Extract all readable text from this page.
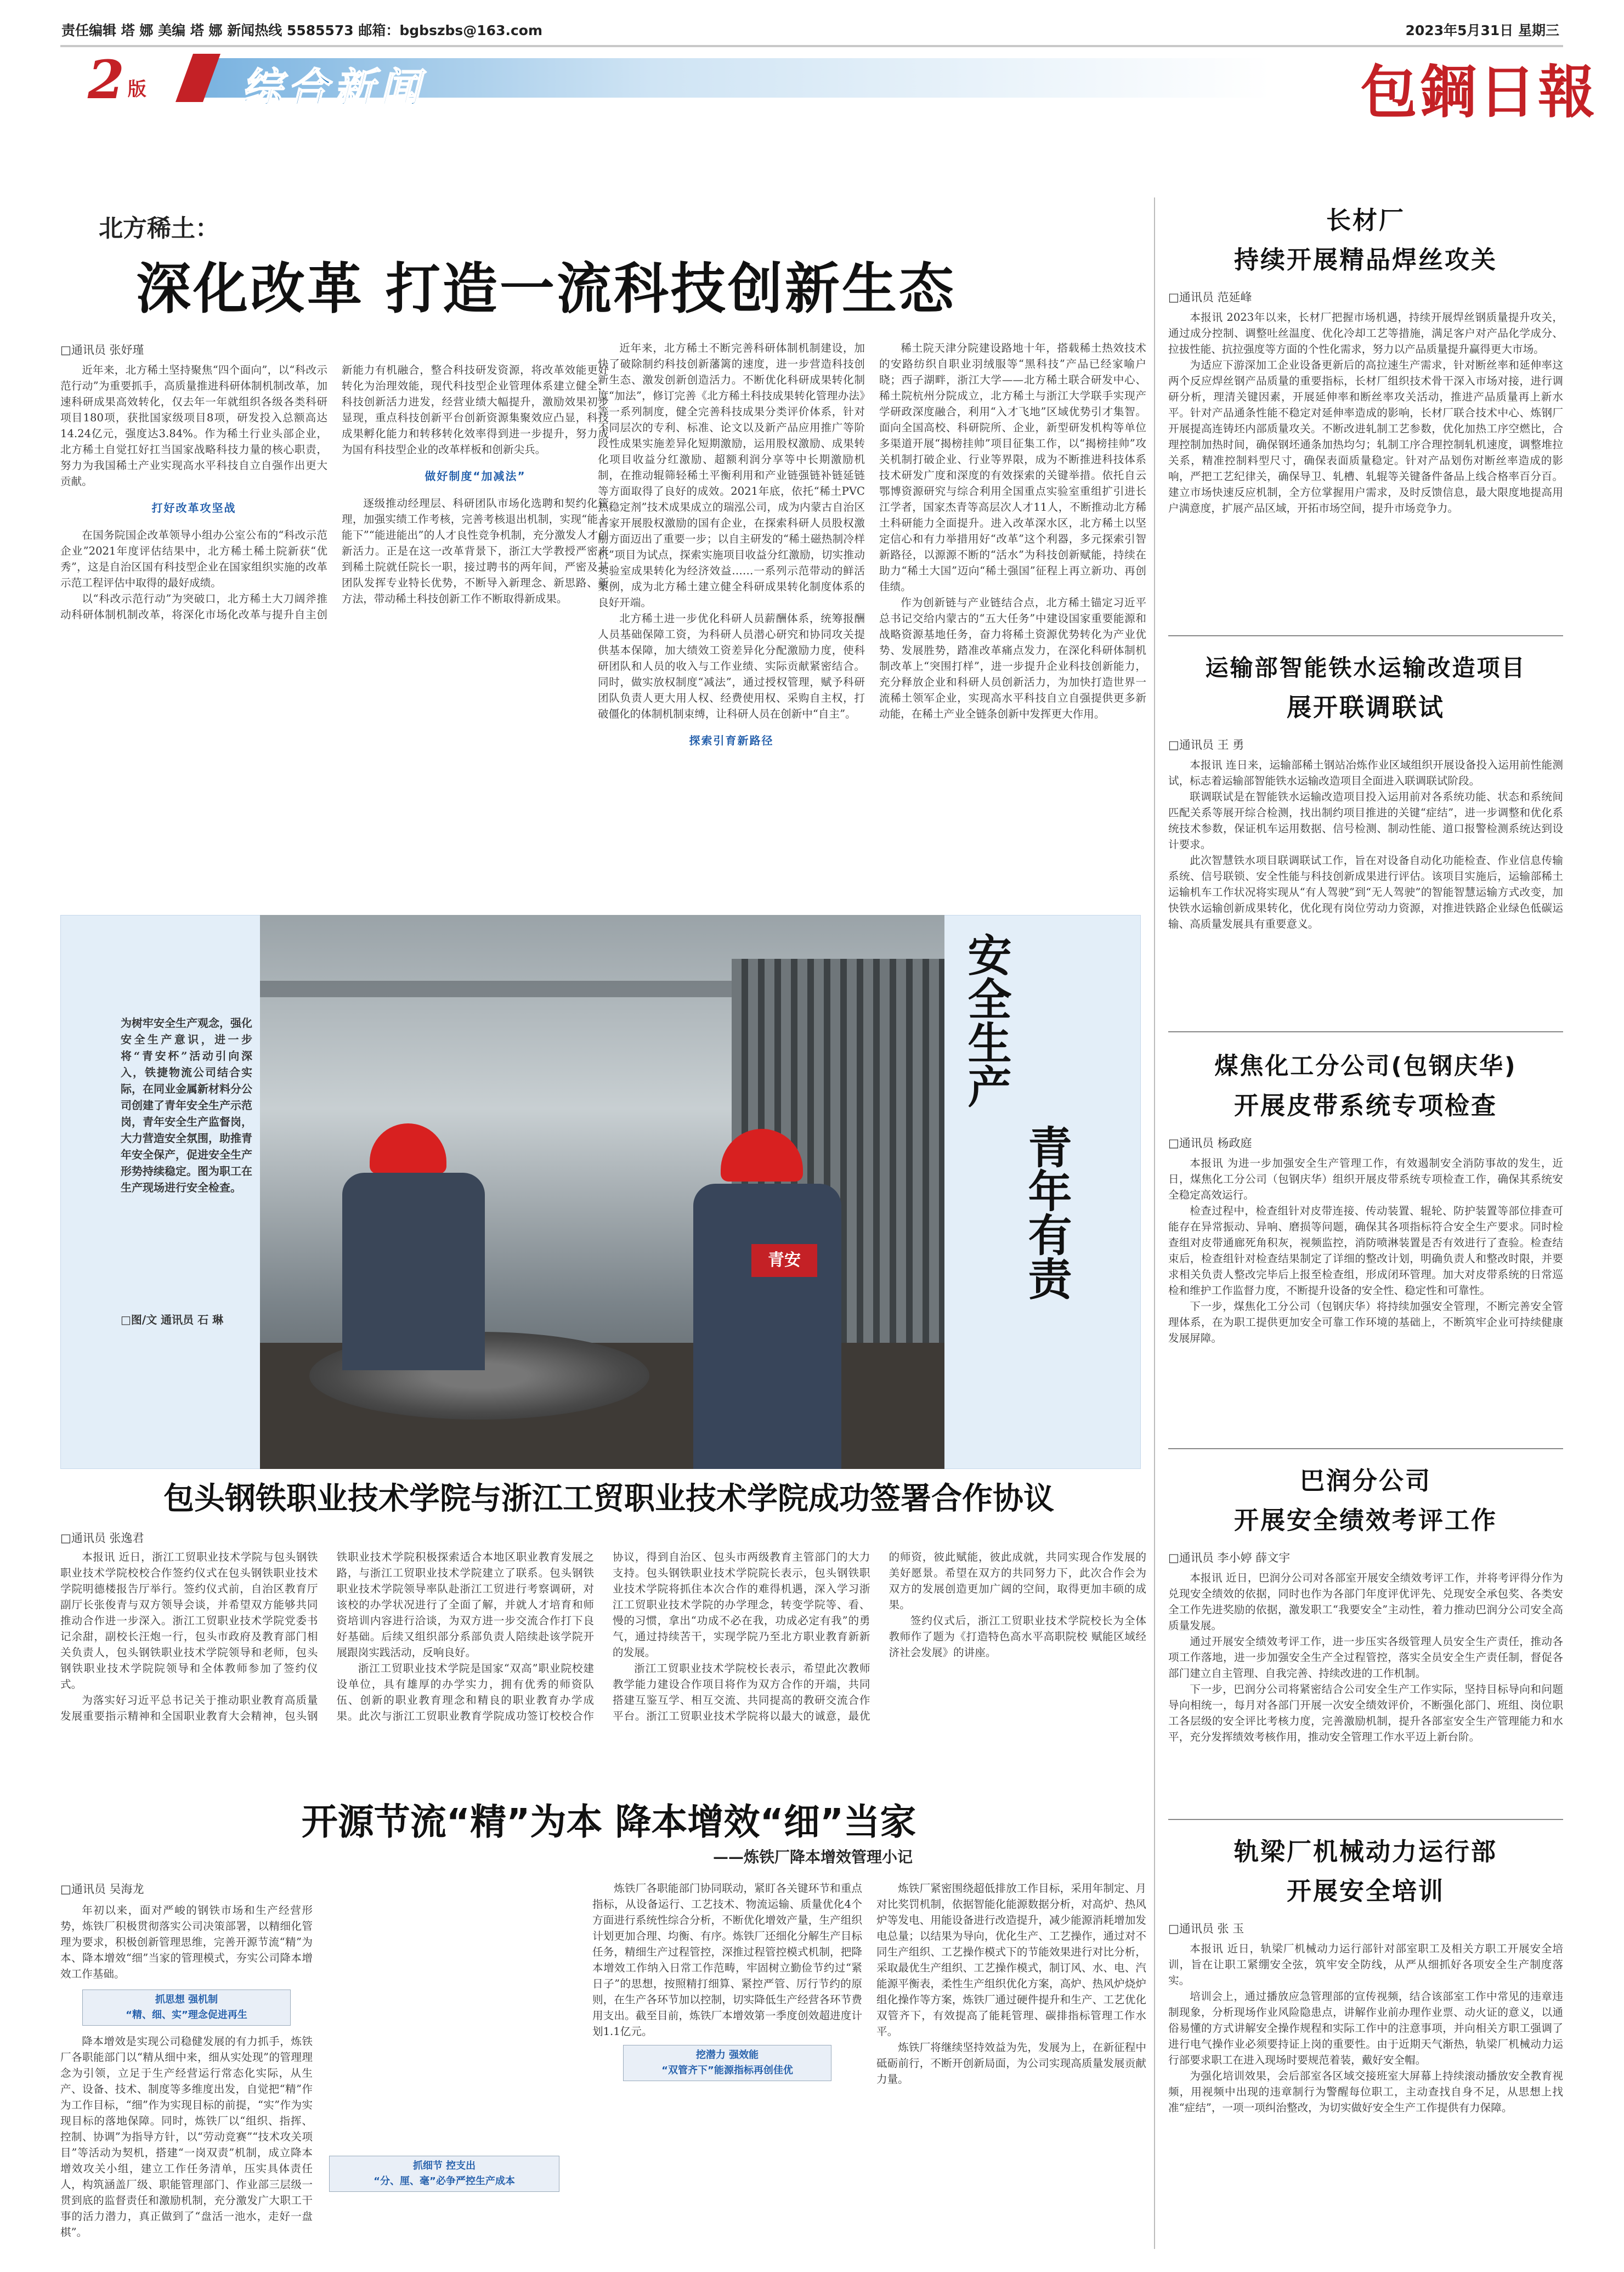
责任编辑 塔 娜 美编 塔 娜 新闻热线 5585573 邮箱：bgbszbs@163.com	2023年5月31日 星期三
2 版 综合新闻	包鋼日報
北方稀土：
深化改革 打造一流科技创新生态
□通讯员 张妤瑾

近年来，北方稀土坚持聚焦“四个面向”，以“科改示范行动”为重要抓手，高质量推进科研体制机制改革，加速科研成果高效转化，仅去年一年就组织各级各类科研项目180项，获批国家级项目8项，研发投入总额高达14.24亿元，强度达3.84%。作为稀土行业头部企业，北方稀土自觉扛好扛当国家战略科技力量的核心职责，努力为我国稀土产业实现高水平科技自立自强作出更大贡献。

打好改革攻坚战

在国务院国企改革领导小组办公室公布的“科改示范企业”2021年度评估结果中，北方稀土稀土院新获“优秀”，这是自治区国有科技型企业在国家组织实施的改革示范工程评估中取得的最好成绩。

以“科改示范行动”为突破口，北方稀土大刀阔斧推动科研体制机制改革，将深化市场化改革与提升自主创新能力有机融合，整合科技研发资源，将改革效能更好转化为治理效能，现代科技型企业管理体系建立健全，科技创新活力进发，经营业绩大幅提升，激励效果初步显现，重点科技创新平台创新资源集聚效应凸显，科技成果孵化能力和转移转化效率得到进一步提升，努力成为国有科技型企业的改革样板和创新尖兵。

做好制度“加减法”

逐级推动经理层、科研团队市场化选聘和契约化管理，加强实绩工作考核，完善考核退出机制，实现“能上能下”“能进能出”的人才良性竞争机制，充分激发人才创新活力。正是在这一改革背景下，浙江大学教授严密来到稀土院就任院长一职，接过聘书的两年间，严密及其团队发挥专业特长优势，不断导入新理念、新思路、新方法，带动稀土科技创新工作不断取得新成果。

近年来，北方稀土不断完善科研体制机制建设，加快了破除制约科技创新藩篱的速度，进一步营造科技创新生态、激发创新创造活力。不断优化科研成果转化制度“加法”，修订完善《北方稀土科技成果转化管理办法》等一系列制度，健全完善科技成果分类评价体系，针对不同层次的专利、标准、论文以及新产品应用推广等阶段性成果实施差异化短期激励，运用股权激励、成果转化项目收益分红激励、超额利润分享等中长期激励机制，在推动辊筛轻稀土平衡利用和产业链强链补链延链等方面取得了良好的成效。2021年底，依托“稀土PVC热稳定剂”技术成果成立的瑞泓公司，成为内蒙古自治区首家开展股权激励的国有企业，在探索科研人员股权激励方面迈出了重要一步；以自主研发的“稀土磁热制冷样机”项目为试点，探索实施项目收益分红激励，切实推动实验室成果转化为经济效益……一系列示范带动的鲜活案例，成为北方稀土建立健全科研成果转化制度体系的良好开端。

北方稀土进一步优化科研人员薪酬体系，统筹报酬人员基础保障工资，为科研人员潜心研究和协同攻关提供基本保障，加大绩效工资差异化分配激励力度，使科研团队和人员的收入与工作业绩、实际贡献紧密结合。同时，做实放权制度“减法”，通过授权管理，赋予科研团队负责人更大用人权、经费使用权、采购自主权，打破僵化的体制机制束缚，让科研人员在创新中“自主”。

探索引育新路径

稀土院天津分院建设路地十年，搭载稀土热效技术的安路纺织自职业羽绒服等“黑科技”产品已经家喻户晓；西子湖畔，浙江大学——北方稀土联合研发中心、稀土院杭州分院成立，北方稀土与浙江大学联手实现产学研政深度融合，利用“入才飞地”区域优势引才集智。面向全国高校、科研院所、企业，新型研发机构等单位多渠道开展“揭榜挂帅”项目征集工作，以“揭榜挂帅”攻关机制打破企业、行业等界限，成为不断推进科技体系技术研发广度和深度的有效探索的关键举措。依托自云鄂博资源研究与综合利用全国重点实验室重组扩引进长江学者，国家杰青等高层次人才11人，不断推动北方稀土科研能力全面提升。进入改革深水区，北方稀土以坚定信心和有力举措用好“改革”这个利器，多元探索引智新路径，以源源不断的“活水”为科技创新赋能，持续在助力“稀土大国”迈向“稀土强国”征程上再立新功、再创佳绩。

作为创新链与产业链结合点，北方稀土锚定习近平总书记交给内蒙古的“五大任务”中建设国家重要能源和战略资源基地任务，奋力将稀土资源优势转化为产业优势、发展胜势，踏准改革痛点发力，在深化科研体制机制改革上“突围打样”，进一步提升企业科技创新能力，充分释放企业和科研人员创新活力，为加快打造世界一流稀土领军企业，实现高水平科技自立自强提供更多新动能，在稀土产业全链条创新中发挥更大作用。

为树牢安全生产观念，强化安全生产意识，进一步将“青安杯”活动引向深入，铁捷物流公司结合实际，在同业金属新材料分公司创建了青年安全生产示范岗，青年安全生产监督岗，大力营造安全氛围，助推青年安全保产，促进安全生产形势持续稳定。图为职工在生产现场进行安全检查。
□图/文 通讯员 石 琳
青安
安全生产
青年有责
包头钢铁职业技术学院与浙江工贸职业技术学院成功签署合作协议
□通讯员 张逸君

本报讯 近日，浙江工贸职业技术学院与包头钢铁职业技术学院校校合作签约仪式在包头钢铁职业技术学院明德楼报告厅举行。签约仪式前，自治区教育厅副厅长张俊青与双方领导会谈，并希望双方能够共同推动合作进一步深入。浙江工贸职业技术学院党委书记余甜，副校长汪炮一行，包头市政府及教育部门相关负责人，包头钢铁职业技术学院领导和老师，包头钢铁职业技术学院院领导和全体教师参加了签约仪式。

为落实好习近平总书记关于推动职业教育高质量发展重要指示精神和全国职业教育大会精神，包头钢铁职业技术学院积极探索适合本地区职业教育发展之路，与浙江工贸职业技术学院建立了联系。包头钢铁职业技术学院领导率队赴浙江工贸进行考察调研，对该校的办学状况进行了全面了解，并就人才培育和师资培训内容进行洽谈，为双方进一步交流合作打下良好基础。后续又组织部分系部负责人陪续赴该学院开展跟岗实践活动，反响良好。

浙江工贸职业技术学院是国家“双高”职业院校建设单位，具有雄厚的办学实力，拥有优秀的师资队伍、创新的职业教育理念和精良的职业教育办学成果。此次与浙江工贸职业教育学院成功签订校校合作协议，得到自治区、包头市两级教育主管部门的大力支持。包头钢铁职业技术学院院长表示，包头钢铁职业技术学院将抓住本次合作的难得机遇，深入学习浙江工贸职业技术学院的办学理念，转变学院等、看、慢的习惯，拿出“功成不必在我，功成必定有我”的勇气，通过持续苦干，实现学院乃至北方职业教育新新的发展。

浙江工贸职业技术学院校长表示，希望此次教师教学能力建设合作项目将作为双方合作的开端，共同搭建互鉴互学、相互交流、共同提高的教研交流合作平台。浙江工贸职业技术学院将以最大的诚意，最优的师资，彼此赋能，彼此成就，共同实现合作发展的美好愿景。希望在双方的共同努力下，此次合作会为双方的发展创造更加广阔的空间，取得更加丰硕的成果。

签约仪式后，浙江工贸职业技术学院校长为全体教师作了题为《打造特色高水平高职院校 赋能区域经济社会发展》的讲座。

开源节流“精”为本 降本增效“细”当家
——炼铁厂降本增效管理小记
□通讯员 吴海龙

年初以来，面对严峻的钢铁市场和生产经营形势，炼铁厂积极贯彻落实公司决策部署，以精细化管理为要求，积极创新管理思维，完善开源节流“精”为本、降本增效“细”当家的管理模式，夯实公司降本增效工作基础。

抓思想 强机制
“精、细、实”理念促进再生

降本增效是实现公司稳健发展的有力抓手，炼铁厂各职能部门以“精从细中来，细从实处现”的管理理念为引领，立足于生产经营运行常态化实际，从生产、设备、技术、制度等多维度出发，自觉把“精”作为工作目标，“细”作为实现目标的前提，“实”作为实现目标的落地保障。同时，炼铁厂以“组织、指挥、控制、协调”为指导方针，以“劳动竞赛”“技术攻关项目”等活动为契机，搭建“一岗双责”机制，成立降本增效攻关小组，建立工作任务清单，压实具体责任人，构筑涵盖厂级、职能管理部门、作业部三层级一贯到底的监督责任和激励机制，充分激发广大职工干事的活力潜力，真正做到了“盘活一池水，走好一盘棋”。

炼铁厂各职能部门协同联动，紧盯各关键环节和重点指标，从设备运行、工艺技术、物流运输、质量优化4个方面进行系统性综合分析，不断优化增效产量，生产组织计划更加合理、均衡、有序。炼铁厂还细化分解生产目标任务，精细生产过程管控，深推过程管控模式机制，把降本增效工作纳入日常工作范畴，牢固树立勤俭节约过“紧日子”的思想，按照精打细算、紧控严管、厉行节约的原则，在生产各环节加以控制，切实降低生产经营各环节费用支出。截至目前，炼铁厂本增效第一季度创效超进度计划1.1亿元。

挖潜力 强效能
“双管齐下”能源指标再创佳优

炼铁厂紧密围绕超低排放工作目标，采用年制定、月对比奖罚机制，依据智能化能源数据分析，对高炉、热风炉等发电、用能设备进行改造提升，减少能源消耗增加发电总量；以结果为导向，优化生产、工艺操作，通过对不同生产组织、工艺操作模式下的节能效果进行对比分析，采取最优生产组织、工艺操作模式，制订风、水、电、汽能源平衡表，柔性生产组织优化方案，高炉、热风炉烧炉组化操作等方案，炼铁厂通过硬件提升和生产、工艺优化双管齐下，有效提高了能耗管理、碳排指标管理工作水平。

炼铁厂将继续坚持效益为先，发展为上，在新征程中砥砺前行，不断开创新局面，为公司实现高质量发展贡献力量。

抓细节 控支出
“分、厘、毫”必争严控生产成本
长材厂
持续开展精品焊丝攻关
□通讯员 范延峰

本报讯 2023年以来，长材厂把握市场机遇，持续开展焊丝钢质量提升攻关，通过成分控制、调整吐丝温度、优化冷却工艺等措施，满足客户对产品化学成分、拉拔性能、抗拉强度等方面的个性化需求，努力以产品质量提升赢得更大市场。

为适应下游深加工企业设备更新后的高拉速生产需求，针对断丝率和延伸率这两个反应焊丝钢产品质量的重要指标，长材厂组织技术骨干深入市场对接，进行调研分析，理清关键因素，开展延伸率和断丝率攻关活动，推进产品质量再上新水平。针对产品通条性能不稳定对延伸率造成的影响，长材厂联合技术中心、炼钢厂开展提高连铸坯内部质量攻关。不断改进轧制工艺参数，优化加热工序空燃比，合理控制加热时间，确保钢坯通条加热均匀；轧制工序合理控制轧机速度，调整堆拉关系，精准控制料型尺寸，确保表面质量稳定。针对产品划伤对断丝率造成的影响，严把工艺纪律关，确保导卫、轧槽、轧辊等关键备件备品上线合格率百分百。建立市场快速反应机制，全方位掌握用户需求，及时反馈信息，最大限度地提高用户满意度，扩展产品区域，开拓市场空间，提升市场竞争力。

运输部智能铁水运输改造项目
展开联调联试
□通讯员 王 勇

本报讯 连日来，运输部稀土钢站冶炼作业区域组织开展设备投入运用前性能测试，标志着运输部智能铁水运输改造项目全面进入联调联试阶段。

联调联试是在智能铁水运输改造项目投入运用前对各系统功能、状态和系统间匹配关系等展开综合检测，找出制约项目推进的关键“症结”，进一步调整和优化系统技术参数，保证机车运用数据、信号检测、制动性能、道口报警检测系统达到设计要求。

此次智慧铁水项目联调联试工作，旨在对设备自动化功能检查、作业信息传输系统、信号联锁、安全性能与科技创新成果进行评估。该项目实施后，运输部稀土运输机车工作状况将实现从“有人驾驶”到“无人驾驶”的智能智慧运输方式改变，加快铁水运输创新成果转化，优化现有岗位劳动力资源，对推进铁路企业绿色低碳运输、高质量发展具有重要意义。

煤焦化工分公司(包钢庆华)
开展皮带系统专项检查
□通讯员 杨政庭

本报讯 为进一步加强安全生产管理工作，有效遏制安全消防事故的发生，近日，煤焦化工分公司（包钢庆华）组织开展皮带系统专项检查工作，确保其系统安全稳定高效运行。

检查过程中，检查组针对皮带连接、传动装置、辊轮、防护装置等部位排查可能存在异常振动、异响、磨损等问题，确保其各项指标符合安全生产要求。同时检查组对皮带通廊死角积灰，视频监控，消防喷淋装置是否有效进行了查验。检查结束后，检查组针对检查结果制定了详细的整改计划，明确负责人和整改时限，并要求相关负责人整改完毕后上报至检查组，形成闭环管理。加大对皮带系统的日常巡检和维护工作监督力度，不断提升设备的安全性、稳定性和可靠性。

下一步，煤焦化工分公司（包钢庆华）将持续加强安全管理，不断完善安全管理体系，在为职工提供更加安全可靠工作环境的基础上，不断筑牢企业可持续健康发展屏障。

巴润分公司
开展安全绩效考评工作
□通讯员 李小婷 薛文宇

本报讯 近日，巴润分公司对各部室开展安全绩效考评工作，并将考评得分作为兑现安全绩效的依据，同时也作为各部门年度评优评先、兑现安全承包奖、各类安全工作先进奖励的依据，激发职工“我要安全”主动性，着力推动巴润分公司安全高质量发展。

通过开展安全绩效考评工作，进一步压实各级管理人员安全生产责任，推动各项工作落地，进一步加强安全生产全过程管控，落实全员安全生产责任制，督促各部门建立自主管理、自我完善、持续改进的工作机制。

下一步，巴润分公司将紧密结合公司安全生产工作实际，坚持目标导向和问题导向相统一，每月对各部门开展一次安全绩效评价，不断强化部门、班组、岗位职工各层级的安全评比考核力度，完善激励机制，提升各部室安全生产管理能力和水平，充分发挥绩效考核作用，推动安全管理工作水平迈上新台阶。

轨梁厂机械动力运行部
开展安全培训
□通讯员 张 玉

本报讯 近日，轨梁厂机械动力运行部针对部室职工及相关方职工开展安全培训，旨在让职工紧绷安全弦，筑牢安全防线，从严从细抓好各项安全生产制度落实。

培训会上，通过播放应急管理部的宣传视频，结合该部室工作中常见的违章违制现象，分析现场作业风险隐患点，讲解作业前办理作业票、动火证的意义，以通俗易懂的方式讲解安全操作规程和实际工作中的注意事项，并向相关方职工强调了进行电气操作业必须要持证上岗的重要性。由于近期天气渐热，轨梁厂机械动力运行部要求职工在进入现场时要规范着装，戴好安全帽。

为强化培训效果，会后部室各区域交接班室大屏幕上持续滚动播放安全教育视频，用视频中出现的违章制行为警醒每位职工，主动查找自身不足，从思想上找准“症结”，一项一项纠治整改，为切实做好安全生产工作提供有力保障。
